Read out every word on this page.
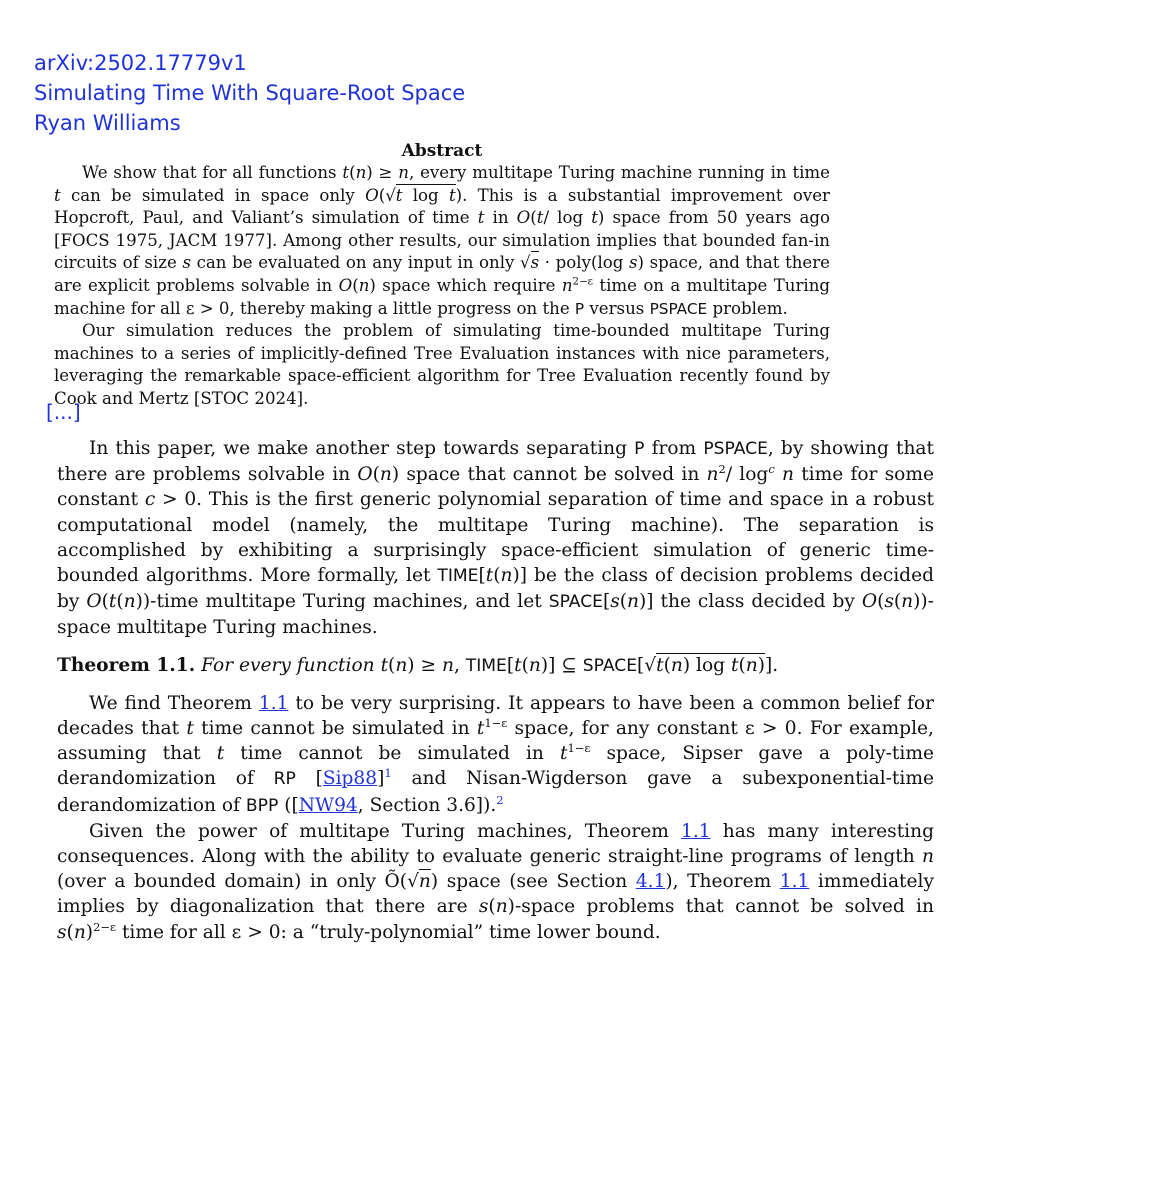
arXiv:2502.17779v1
Simulating Time With Square-Root Space
Ryan Williams
Abstract

We show that for all functions t(n) ≥ n, every multitape Turing machine running in time t can be simulated in space only O(√t log t). This is a substantial improvement over Hopcroft, Paul, and Valiant’s simulation of time t in O(t/ log t) space from 50 years ago [FOCS 1975, JACM 1977]. Among other results, our simulation implies that bounded fan-in circuits of size s can be evaluated on any input in only √s · poly(log s) space, and that there are explicit problems solvable in O(n) space which require $n^{2-\varepsilon}$ time on a multitape Turing machine for all ε > 0, thereby making a little progress on the P versus PSPACE problem.

Our simulation reduces the problem of simulating time-bounded multitape Turing machines to a series of implicitly-defined Tree Evaluation instances with nice parameters, leveraging the remarkable space-efficient algorithm for Tree Evaluation recently found by Cook and Mertz [STOC 2024].

[...]

In this paper, we make another step towards separating P from PSPACE, by showing that there are problems solvable in O(n) space that cannot be solved in $n^2/$ $\log^c n$ time for some constant c > 0. This is the first generic polynomial separation of time and space in a robust computational model (namely, the multitape Turing machine). The separation is accomplished by exhibiting a surprisingly space-efficient simulation of generic time-bounded algorithms. More formally, let TIME[t(n)] be the class of decision problems decided by O(t(n))-time multitape Turing machines, and let SPACE[s(n)] the class decided by O(s(n))-space multitape Turing machines.

Theorem 1.1. For every function t(n) ≥ n, TIME[t(n)] ⊆ SPACE[√t(n) log t(n)].

We find Theorem 1.1 to be very surprising. It appears to have been a common belief for decades that t time cannot be simulated in $t^{1-\varepsilon}$ space, for any constant ε > 0. For example, assuming that t time cannot be simulated in $t^{1-\varepsilon}$ space, Sipser gave a poly-time derandomization of RP [Sip88]$^1$ and Nisan-Wigderson gave a subexponential-time derandomization of BPP ([NW94, Section 3.6]).$^2$

Given the power of multitape Turing machines, Theorem 1.1 has many interesting consequences. Along with the ability to evaluate generic straight-line programs of length n (over a bounded domain) in only Õ(√n) space (see Section 4.1), Theorem 1.1 immediately implies by diagonalization that there are s(n)-space problems that cannot be solved in $s(n)^{2-\varepsilon}$ time for all ε > 0: a “truly-polynomial” time lower bound.
